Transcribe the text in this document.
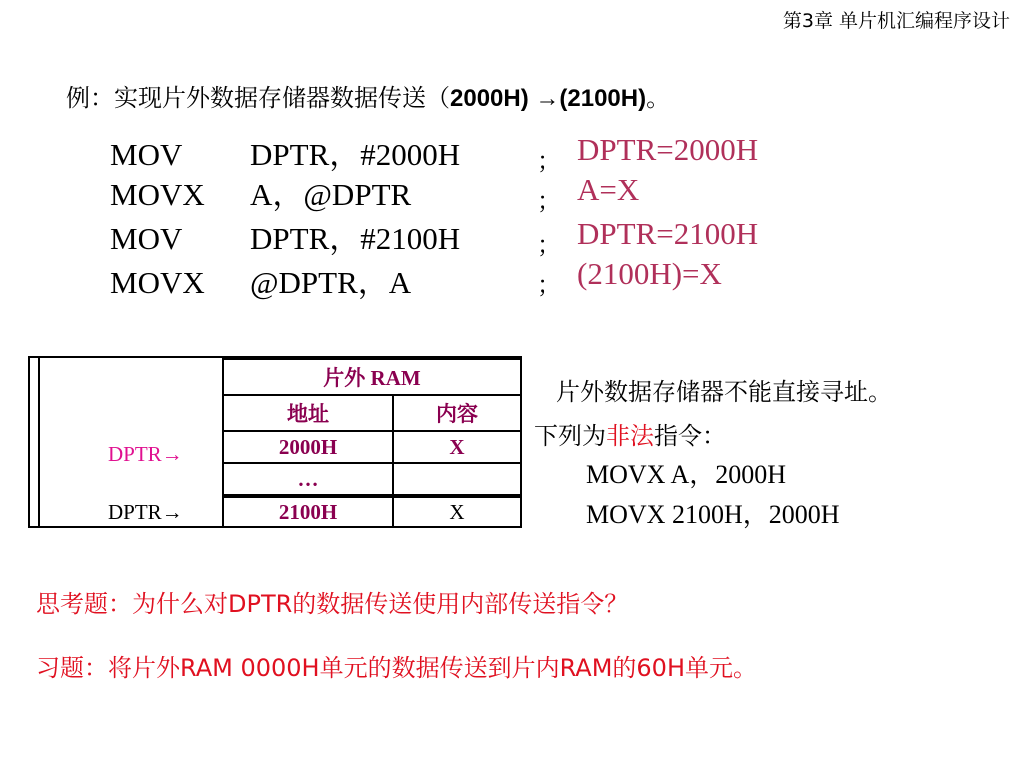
第3章 单片机汇编程序设计
例：实现片外数据存储器数据传送（2000H) →(2100H)。
MOV DPTR，#2000H	； DPTR=2000H
MOVX A，@DPTR	； A=X
MOV DPTR，#2100H	； DPTR=2100H
MOVX @DPTR，A	； (2100H)=X
片外 RAM
地址	内容
2000H	X
…
2100H	X
DPTR→
DPTR→
片外数据存储器不能直接寻址。
下列为非法指令：
MOVX A，2000H
MOVX 2100H，2000H
思考题：为什么对DPTR的数据传送使用内部传送指令？
习题：将片外RAM 0000H单元的数据传送到片内RAM的60H单元。
